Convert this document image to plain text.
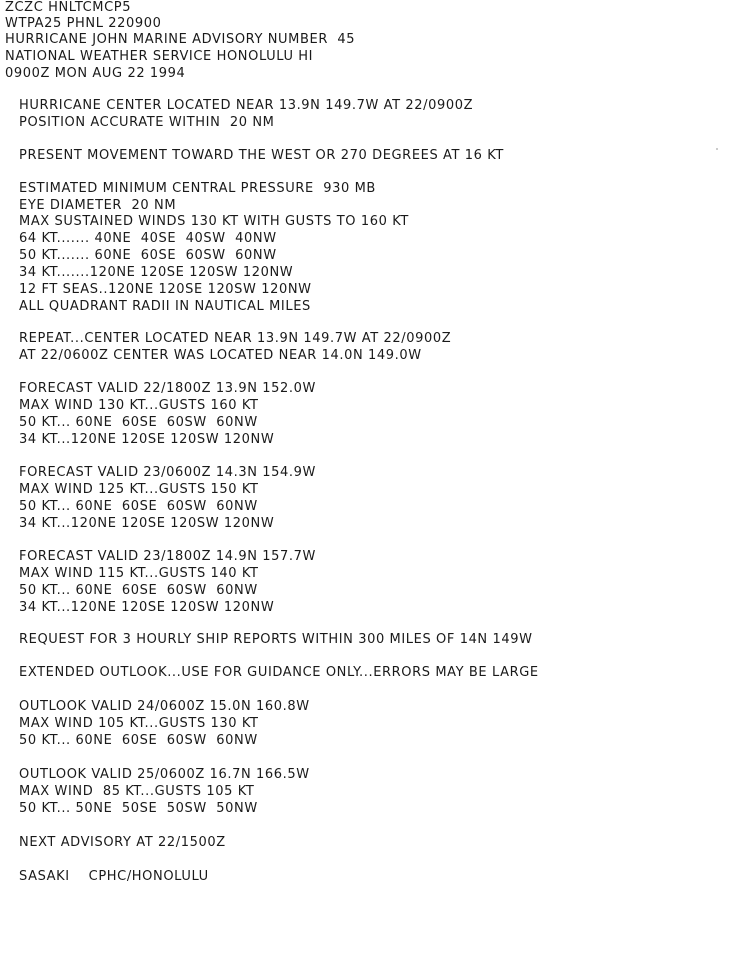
ZCZC HNLTCMCP5
WTPA25 PHNL 220900
HURRICANE JOHN MARINE ADVISORY NUMBER  45
NATIONAL WEATHER SERVICE HONOLULU HI
0900Z MON AUG 22 1994
HURRICANE CENTER LOCATED NEAR 13.9N 149.7W AT 22/0900Z
POSITION ACCURATE WITHIN  20 NM
PRESENT MOVEMENT TOWARD THE WEST OR 270 DEGREES AT 16 KT
ESTIMATED MINIMUM CENTRAL PRESSURE  930 MB
EYE DIAMETER  20 NM
MAX SUSTAINED WINDS 130 KT WITH GUSTS TO 160 KT
64 KT....... 40NE  40SE  40SW  40NW
50 KT....... 60NE  60SE  60SW  60NW
34 KT.......120NE 120SE 120SW 120NW
12 FT SEAS..120NE 120SE 120SW 120NW
ALL QUADRANT RADII IN NAUTICAL MILES
REPEAT...CENTER LOCATED NEAR 13.9N 149.7W AT 22/0900Z
AT 22/0600Z CENTER WAS LOCATED NEAR 14.0N 149.0W
FORECAST VALID 22/1800Z 13.9N 152.0W
MAX WIND 130 KT...GUSTS 160 KT
50 KT... 60NE  60SE  60SW  60NW
34 KT...120NE 120SE 120SW 120NW
FORECAST VALID 23/0600Z 14.3N 154.9W
MAX WIND 125 KT...GUSTS 150 KT
50 KT... 60NE  60SE  60SW  60NW
34 KT...120NE 120SE 120SW 120NW
FORECAST VALID 23/1800Z 14.9N 157.7W
MAX WIND 115 KT...GUSTS 140 KT
50 KT... 60NE  60SE  60SW  60NW
34 KT...120NE 120SE 120SW 120NW
REQUEST FOR 3 HOURLY SHIP REPORTS WITHIN 300 MILES OF 14N 149W
EXTENDED OUTLOOK...USE FOR GUIDANCE ONLY...ERRORS MAY BE LARGE
OUTLOOK VALID 24/0600Z 15.0N 160.8W
MAX WIND 105 KT...GUSTS 130 KT
50 KT... 60NE  60SE  60SW  60NW
OUTLOOK VALID 25/0600Z 16.7N 166.5W
MAX WIND  85 KT...GUSTS 105 KT
50 KT... 50NE  50SE  50SW  50NW
NEXT ADVISORY AT 22/1500Z
SASAKI    CPHC/HONOLULU
